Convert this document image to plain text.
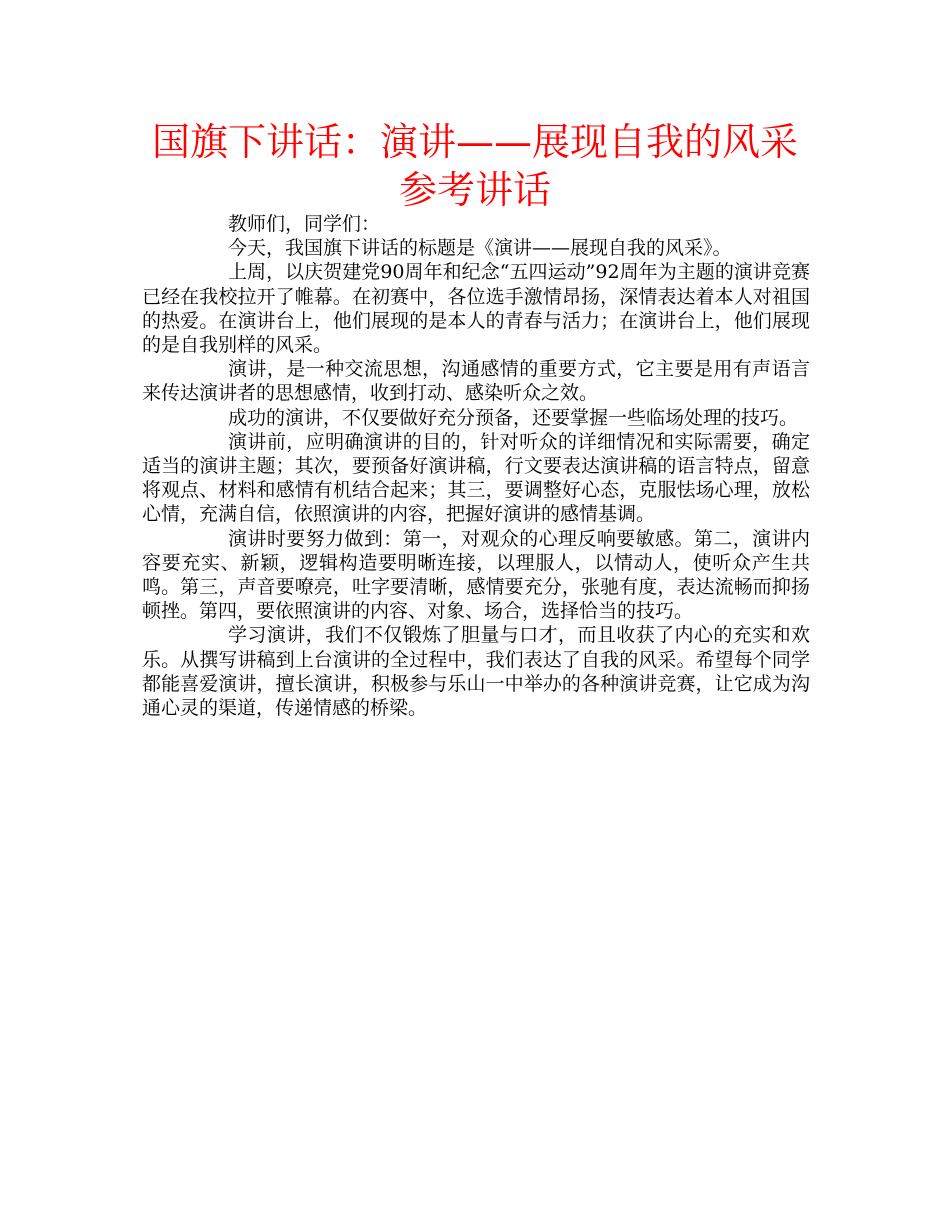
国旗下讲话：演讲——展现自我的风采参考讲话

教师们，同学们：

今天，我国旗下讲话的标题是《演讲——展现自我的风采》。

上周，以庆贺建党90周年和纪念“五四运动”92周年为主题的演讲竞赛已经在我校拉开了帷幕。在初赛中，各位选手激情昂扬，深情表达着本人对祖国的热爱。在演讲台上，他们展现的是本人的青春与活力；在演讲台上，他们展现的是自我别样的风采。

演讲，是一种交流思想，沟通感情的重要方式，它主要是用有声语言来传达演讲者的思想感情，收到打动、感染听众之效。

成功的演讲，不仅要做好充分预备，还要掌握一些临场处理的技巧。

演讲前，应明确演讲的目的，针对听众的详细情况和实际需要，确定适当的演讲主题；其次，要预备好演讲稿，行文要表达演讲稿的语言特点，留意将观点、材料和感情有机结合起来；其三，要调整好心态，克服怯场心理，放松心情，充满自信，依照演讲的内容，把握好演讲的感情基调。

演讲时要努力做到：第一，对观众的心理反响要敏感。第二，演讲内容要充实、新颖，逻辑构造要明晰连接，以理服人，以情动人，使听众产生共鸣。第三，声音要嘹亮，吐字要清晰，感情要充分，张驰有度，表达流畅而抑扬顿挫。第四，要依照演讲的内容、对象、场合，选择恰当的技巧。

学习演讲，我们不仅锻炼了胆量与口才，而且收获了内心的充实和欢乐。从撰写讲稿到上台演讲的全过程中，我们表达了自我的风采。希望每个同学都能喜爱演讲，擅长演讲，积极参与乐山一中举办的各种演讲竞赛，让它成为沟通心灵的渠道，传递情感的桥梁。
